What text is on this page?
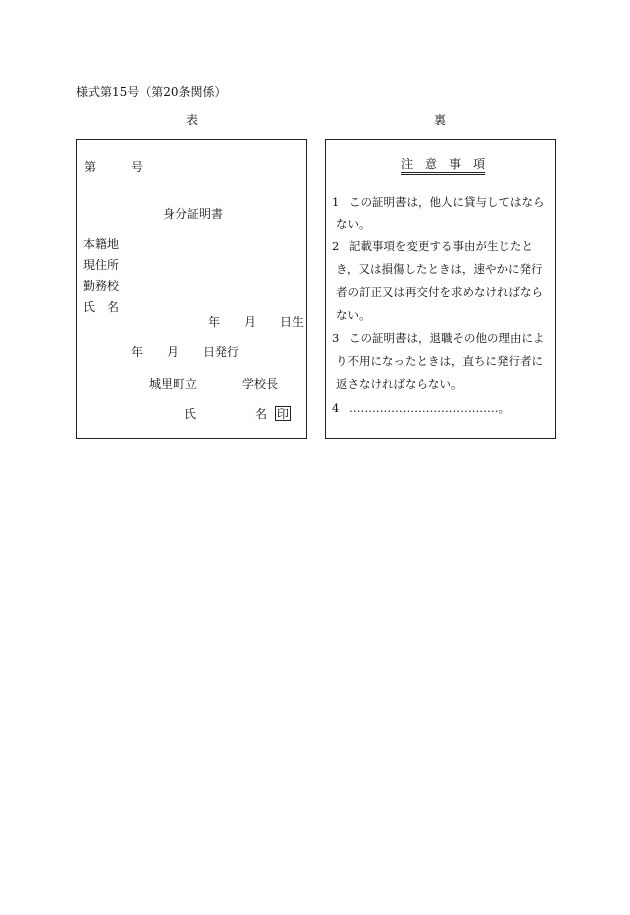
様式第15号（第20条関係）
表	裏
第	号
身分証明書
本籍地
現住所
勤務校
氏　名
年 月 日生
年 月 日発行
城里町立	学校長
氏	名 印
注　意　事　項
1 この証明書は，他人に貸与してはなら
ない。
2 記載事項を変更する事由が生じたと
き，又は損傷したときは，速やかに発行
者の訂正又は再交付を求めなければなら
ない。
3 この証明書は，退職その他の理由によ
り不用になったときは，直ちに発行者に
返さなければならない。
4 …………………………………。
